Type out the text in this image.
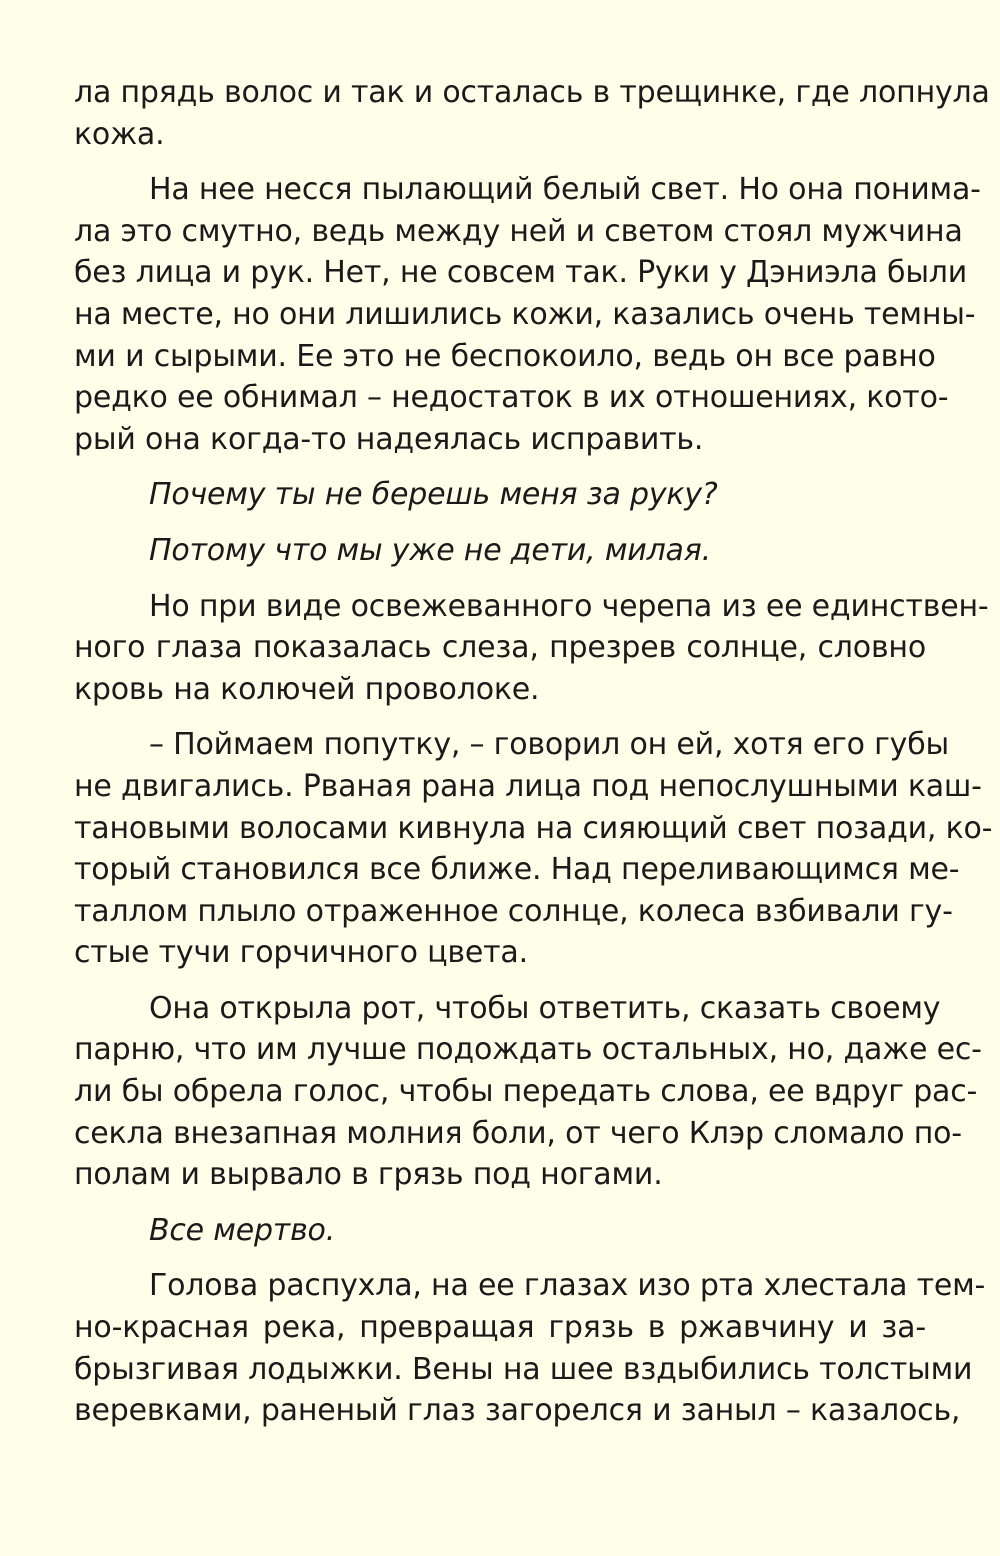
ла прядь волос и так и осталась в трещинке, где лопнула
кожа.
На нее несся пылающий белый свет. Но она понима-
ла это смутно, ведь между ней и светом стоял мужчина
без лица и рук. Нет, не совсем так. Руки у Дэниэла были
на месте, но они лишились кожи, казались очень темны-
ми и сырыми. Ее это не беспокоило, ведь он все равно
редко ее обнимал – недостаток в их отношениях, кото-
рый она когда-то надеялась исправить.
Почему ты не берешь меня за руку?
Потому что мы уже не дети, милая.
Но при виде освежеванного черепа из ее единствен-
ного глаза показалась слеза, презрев солнце, словно
кровь на колючей проволоке.
– Поймаем попутку, – говорил он ей, хотя его губы
не двигались. Рваная рана лица под непослушными каш-
тановыми волосами кивнула на сияющий свет позади, ко-
торый становился все ближе. Над переливающимся ме-
таллом плыло отраженное солнце, колеса взбивали гу-
стые тучи горчичного цвета.
Она открыла рот, чтобы ответить, сказать своему
парню, что им лучше подождать остальных, но, даже ес-
ли бы обрела голос, чтобы передать слова, ее вдруг рас-
секла внезапная молния боли, от чего Клэр сломало по-
полам и вырвало в грязь под ногами.
Все мертво.
Голова распухла, на ее глазах изо рта хлестала тем-
но-красная река, превращая грязь в ржавчину и за-
брызгивая лодыжки. Вены на шее вздыбились толстыми
веревками, раненый глаз загорелся и заныл – казалось,
